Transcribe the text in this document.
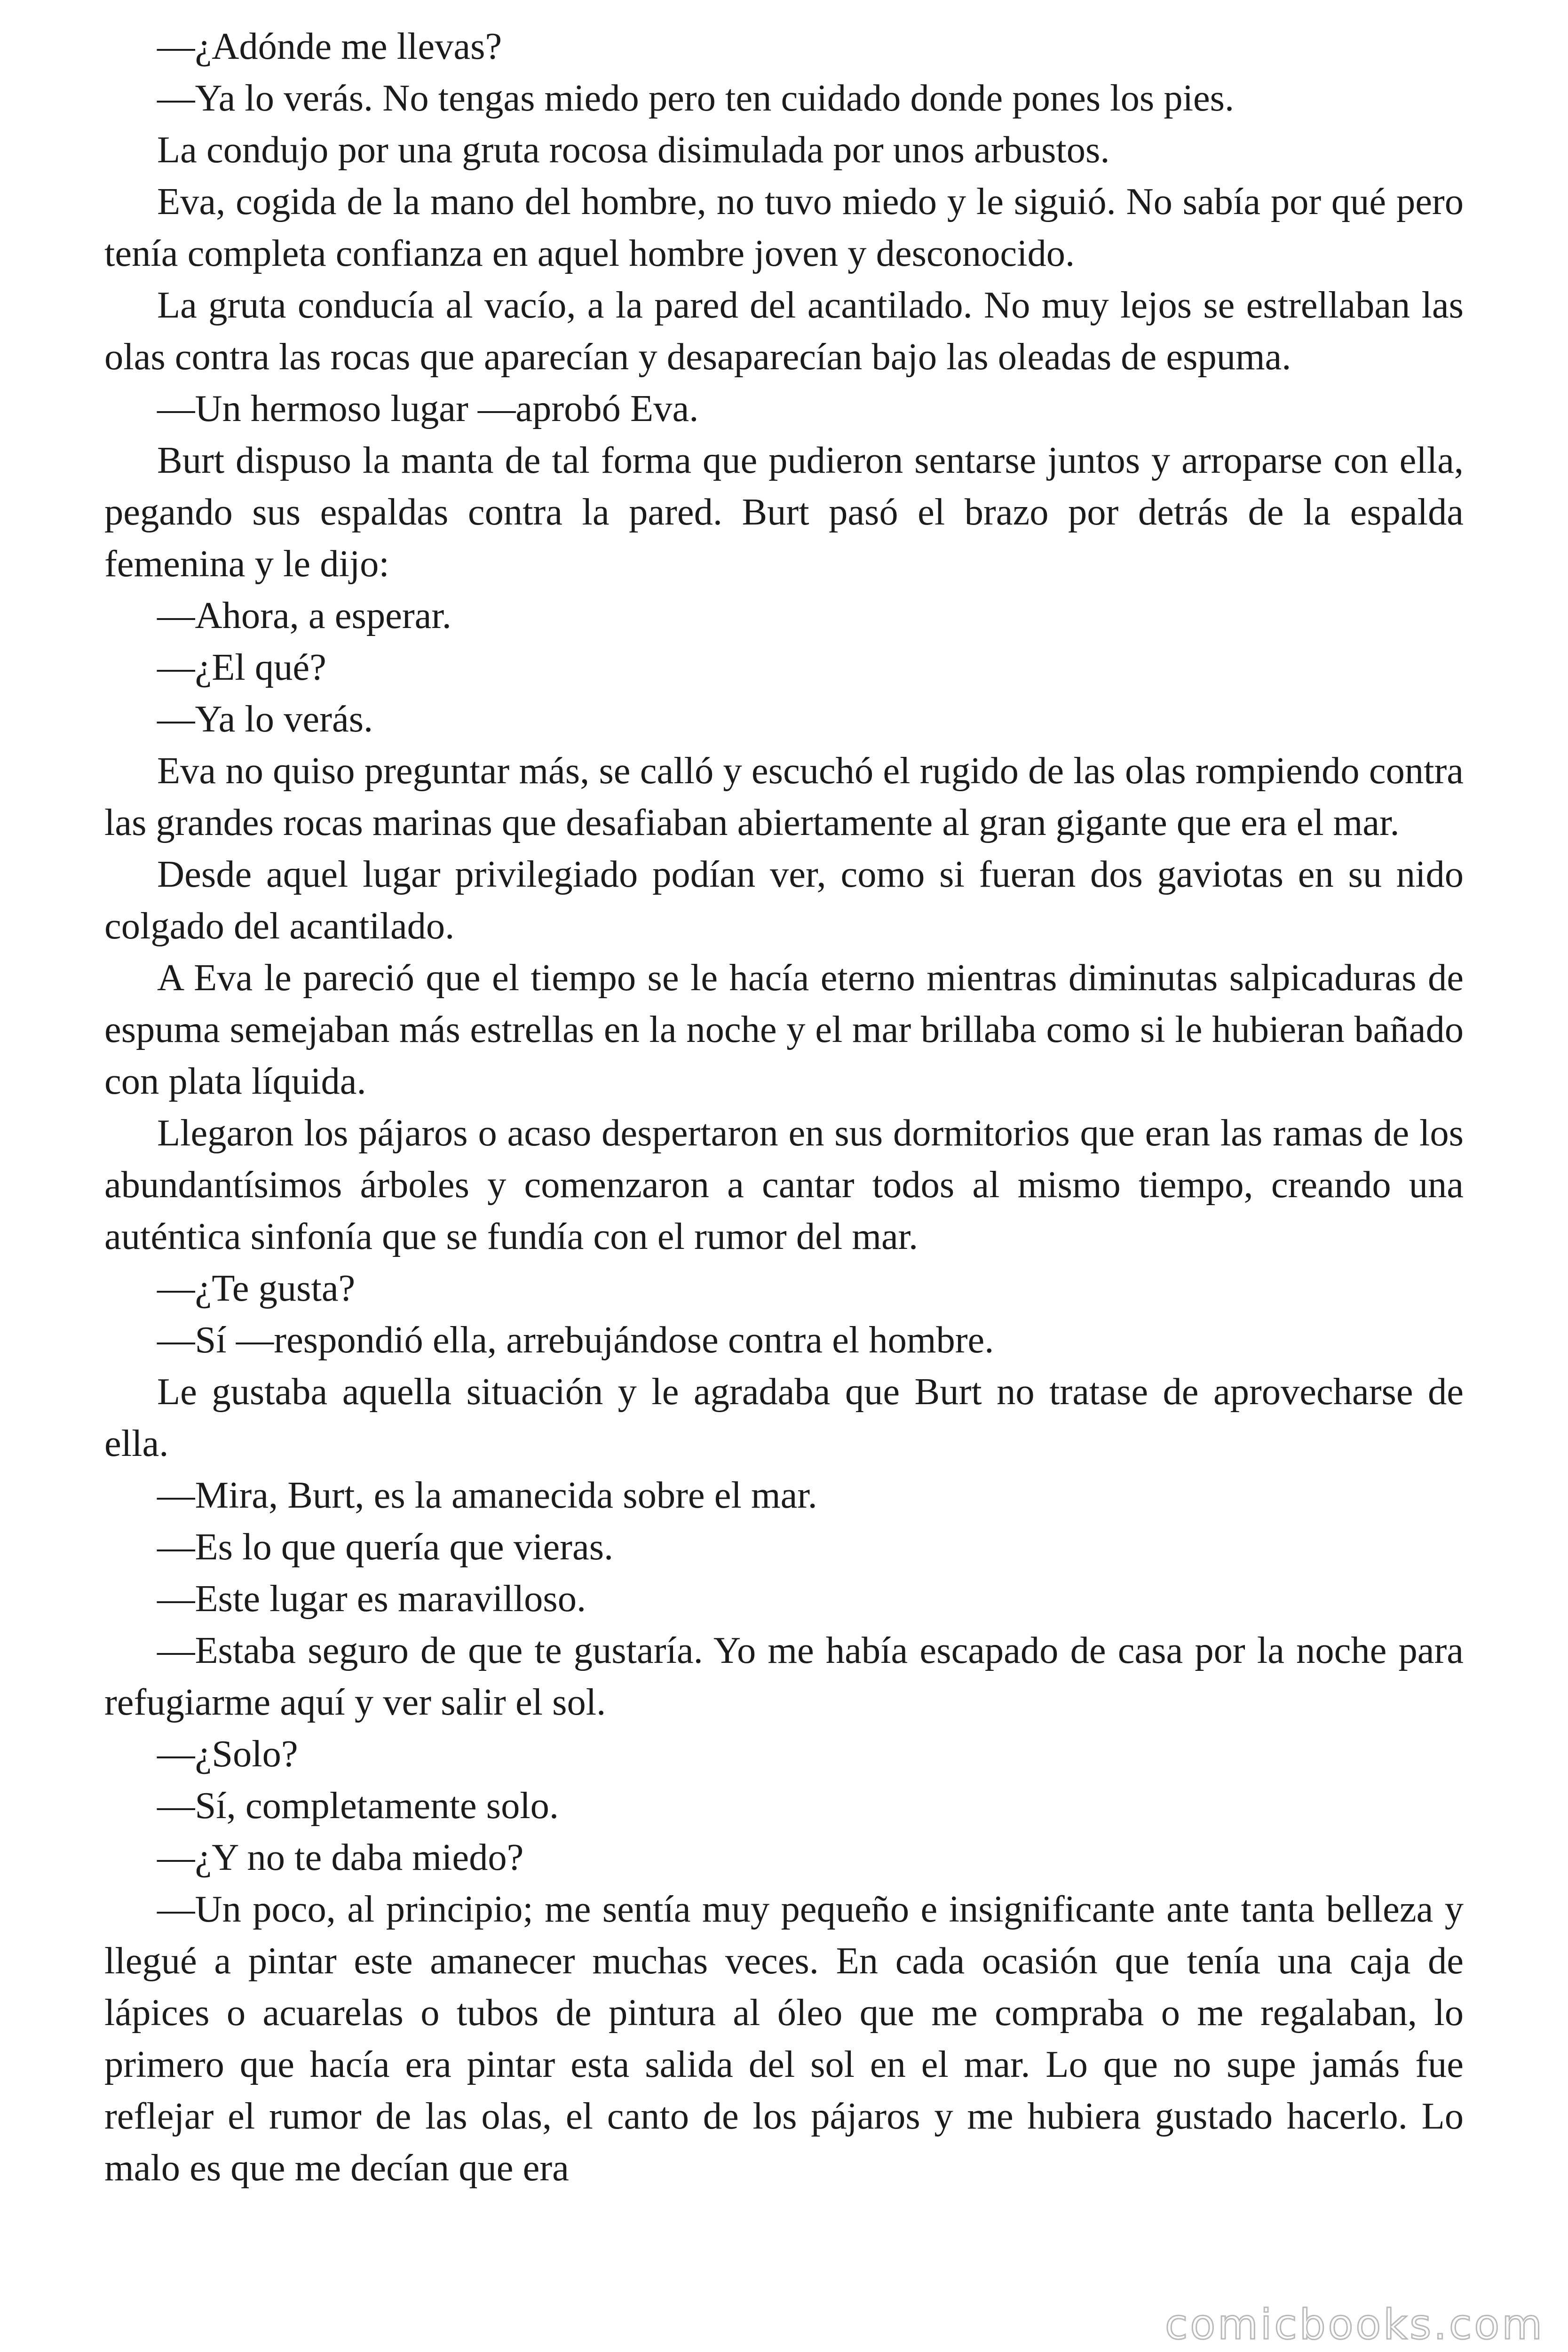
—¿Adónde me llevas?

—Ya lo verás. No tengas miedo pero ten cuidado donde pones los pies.

La condujo por una gruta rocosa disimulada por unos arbustos.

Eva, cogida de la mano del hombre, no tuvo miedo y le siguió. No sabía por qué pero tenía completa confianza en aquel hombre joven y desconocido.

La gruta conducía al vacío, a la pared del acantilado. No muy lejos se estrellaban las olas contra las rocas que aparecían y desaparecían bajo las oleadas de espuma.

—Un hermoso lugar —aprobó Eva.

Burt dispuso la manta de tal forma que pudieron sentarse juntos y arroparse con ella, pegando sus espaldas contra la pared. Burt pasó el brazo por detrás de la espalda femenina y le dijo:

—Ahora, a esperar.

—¿El qué?

—Ya lo verás.

Eva no quiso preguntar más, se calló y escuchó el rugido de las olas rompiendo contra las grandes rocas marinas que desafiaban abiertamente al gran gigante que era el mar.

Desde aquel lugar privilegiado podían ver, como si fueran dos gaviotas en su nido colgado del acantilado.

A Eva le pareció que el tiempo se le hacía eterno mientras diminutas salpicaduras de espuma semejaban más estrellas en la noche y el mar brillaba como si le hubieran bañado con plata líquida.

Llegaron los pájaros o acaso despertaron en sus dormitorios que eran las ramas de los abundantísimos árboles y comenzaron a cantar todos al mismo tiempo, creando una auténtica sinfonía que se fundía con el rumor del mar.

—¿Te gusta?

—Sí —respondió ella, arrebujándose contra el hombre.

Le gustaba aquella situación y le agradaba que Burt no tratase de aprovecharse de ella.

—Mira, Burt, es la amanecida sobre el mar.

—Es lo que quería que vieras.

—Este lugar es maravilloso.

—Estaba seguro de que te gustaría. Yo me había escapado de casa por la noche para refugiarme aquí y ver salir el sol.

—¿Solo?

—Sí, completamente solo.

—¿Y no te daba miedo?

—Un poco, al principio; me sentía muy pequeño e insignificante ante tanta belleza y llegué a pintar este amanecer muchas veces. En cada ocasión que tenía una caja de lápices o acuarelas o tubos de pintura al óleo que me compraba o me regalaban, lo primero que hacía era pintar esta salida del sol en el mar. Lo que no supe jamás fue reflejar el rumor de las olas, el canto de los pájaros y me hubiera gustado hacerlo. Lo malo es que me decían que era

comicbooks.com
